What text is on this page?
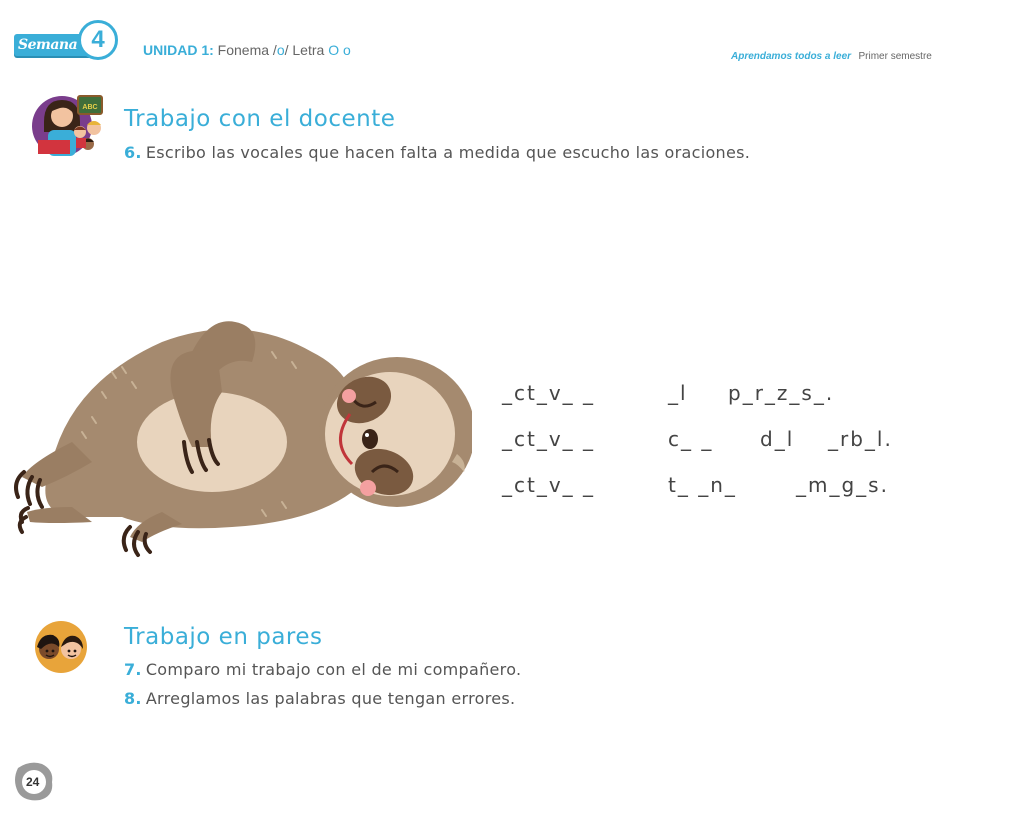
Semana 4	UNIDAD 1: Fonema /o/ Letra O o	Aprendamos todos a leer Primer semestre
ABC Trabajo con el docente
6. Escribo las vocales que hacen falta a medida que escucho las oraciones.
_ct_v_ _	_l p_r_z_s_.
_ct_v_ _	c_ _ d_l _rb_l.
_ct_v_ _	t_ _n_	_m_g_s.
Trabajo en pares
7. Comparo mi trabajo con el de mi compañero.
8. Arreglamos las palabras que tengan errores.
24
